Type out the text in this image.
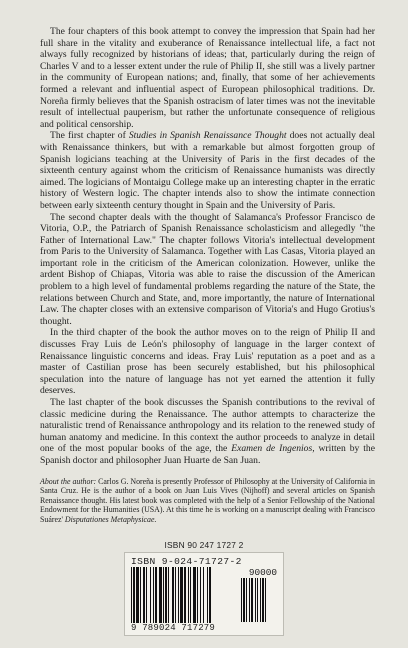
The four chapters of this book attempt to convey the impression that Spain had her full share in the vitality and exuberance of Renaissance intellectual life, a fact not always fully recognized by historians of ideas; that, particularly during the reign of Charles V and to a lesser extent under the rule of Philip II, she still was a lively partner in the community of European nations; and, finally, that some of her achievements formed a relevant and influential aspect of European philosophical traditions. Dr. Noreña firmly believes that the Spanish ostracism of later times was not the inevitable result of intellectual pauperism, but rather the unfortunate consequence of religious and political censorship.

The first chapter of Studies in Spanish Renaissance Thought does not actually deal with Renaissance thinkers, but with a remarkable but almost forgotten group of Spanish logicians teaching at the University of Paris in the first decades of the sixteenth century against whom the criticism of Renaissance humanists was directly aimed. The logicians of Montaigu College make up an interesting chapter in the erratic history of Western logic. The chapter intends also to show the intimate connection between early sixteenth century thought in Spain and the University of Paris.

The second chapter deals with the thought of Salamanca's Professor Francisco de Vitoria, O.P., the Patriarch of Spanish Renaissance scholasticism and allegedly "the Father of International Law." The chapter follows Vitoria's intellectual development from Paris to the University of Salamanca. Together with Las Casas, Vitoria played an important role in the criticism of the American colonization. However, unlike the ardent Bishop of Chiapas, Vitoria was able to raise the discussion of the American problem to a high level of fundamental problems regarding the nature of the State, the relations between Church and State, and, more importantly, the nature of International Law. The chapter closes with an extensive comparison of Vitoria's and Hugo Grotius's thought.

In the third chapter of the book the author moves on to the reign of Philip II and discusses Fray Luis de León's philosophy of language in the larger context of Renaissance linguistic concerns and ideas. Fray Luis' reputation as a poet and as a master of Castilian prose has been securely established, but his philosophical speculation into the nature of language has not yet earned the attention it fully deserves.

The last chapter of the book discusses the Spanish contributions to the revival of classic medicine during the Renaissance. The author attempts to characterize the naturalistic trend of Renaissance anthropology and its relation to the renewed study of human anatomy and medicine. In this context the author proceeds to analyze in detail one of the most popular books of the age, the Examen de Ingenios, written by the Spanish doctor and philosopher Juan Huarte de San Juan.

About the author: Carlos G. Noreña is presently Professor of Philosophy at the University of California in Santa Cruz. He is the author of a book on Juan Luis Vives (Nijhoff) and several articles on Spanish Renaissance thought. His latest book was completed with the help of a Senior Fellowship of the National Endowment for the Humanities (USA). At this time he is working on a manuscript dealing with Francisco Suárez' Disputationes Metaphysicae.

ISBN 90 247 1727 2
ISBN 9-024-71727-2
90000
9 789024 717279
